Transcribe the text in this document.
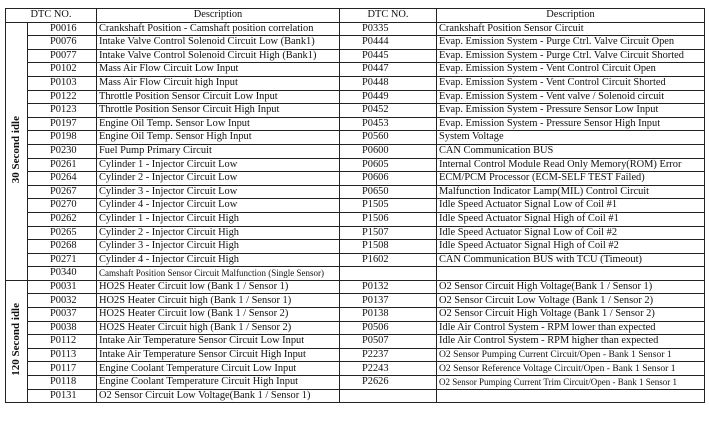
DTC NO.		Description	DTC NO.	Description
30 Second idle	P0016	Crankshaft Position - Camshaft position correlation	P0335	Crankshaft Position Sensor Circuit
	P0076	Intake Valve Control Solenoid Circuit Low (Bank1)	P0444	Evap. Emission System - Purge Ctrl. Valve Circuit Open
	P0077	Intake Valve Control Solenoid Circuit High (Bank1)	P0445	Evap. Emission System - Purge Ctrl. Valve Circuit Shorted
	P0102	Mass Air Flow Circuit Low Input	P0447	Evap. Emission System - Vent Control Circuit Open
	P0103	Mass Air Flow Circuit high Input	P0448	Evap. Emission System - Vent Control Circuit Shorted
	P0122	Throttle Position Sensor Circuit Low Input	P0449	Evap. Emission System - Vent valve / Solenoid circuit
	P0123	Throttle Position Sensor Circuit High Input	P0452	Evap. Emission System - Pressure Sensor Low Input
	P0197	Engine Oil Temp. Sensor Low Input	P0453	Evap. Emission System - Pressure Sensor High Input
	P0198	Engine Oil Temp. Sensor High Input	P0560	System Voltage
	P0230	Fuel Pump Primary Circuit	P0600	CAN Communication BUS
	P0261	Cylinder 1 - Injector Circuit Low	P0605	Internal Control Module Read Only Memory(ROM) Error
	P0264	Cylinder 2 - Injector Circuit Low	P0606	ECM/PCM Processor (ECM-SELF TEST Failed)
	P0267	Cylinder 3 - Injector Circuit Low	P0650	Malfunction Indicator Lamp(MIL) Control Circuit
	P0270	Cylinder 4 - Injector Circuit Low	P1505	Idle Speed Actuator Signal Low of Coil #1
	P0262	Cylinder 1 - Injector Circuit High	P1506	Idle Speed Actuator Signal High of Coil #1
	P0265	Cylinder 2 - Injector Circuit High	P1507	Idle Speed Actuator Signal Low of Coil #2
	P0268	Cylinder 3 - Injector Circuit High	P1508	Idle Speed Actuator Signal High of Coil #2
	P0271	Cylinder 4 - Injector Circuit High	P1602	CAN Communication BUS with TCU (Timeout)
	P0340	Camshaft Position Sensor Circuit Malfunction (Single Sensor)		
120 Second idle	P0031	HO2S Heater Circuit low (Bank 1 / Sensor 1)	P0132	O2 Sensor Circuit High Voltage(Bank 1 / Sensor 1)
	P0032	HO2S Heater Circuit high (Bank 1 / Sensor 1)	P0137	O2 Sensor Circuit Low Voltage (Bank 1 / Sensor 2)
	P0037	HO2S Heater Circuit low (Bank 1 / Sensor 2)	P0138	O2 Sensor Circuit High Voltage (Bank 1 / Sensor 2)
	P0038	HO2S Heater Circuit high (Bank 1 / Sensor 2)	P0506	Idle Air Control System - RPM lower than expected
	P0112	Intake Air Temperature Sensor Circuit Low Input	P0507	Idle Air Control System - RPM higher than expected
	P0113	Intake Air Temperature Sensor Circuit High Input	P2237	O2 Sensor Pumping Current Circuit/Open - Bank 1 Sensor 1
	P0117	Engine Coolant Temperature Circuit Low Input	P2243	O2 Sensor Reference Voltage Circuit/Open - Bank 1 Sensor 1
	P0118	Engine Coolant Temperature Circuit High Input	P2626	O2 Sensor Pumping Current Trim Circuit/Open - Bank 1 Sensor 1
	P0131	O2 Sensor Circuit Low Voltage(Bank 1 / Sensor 1)		
